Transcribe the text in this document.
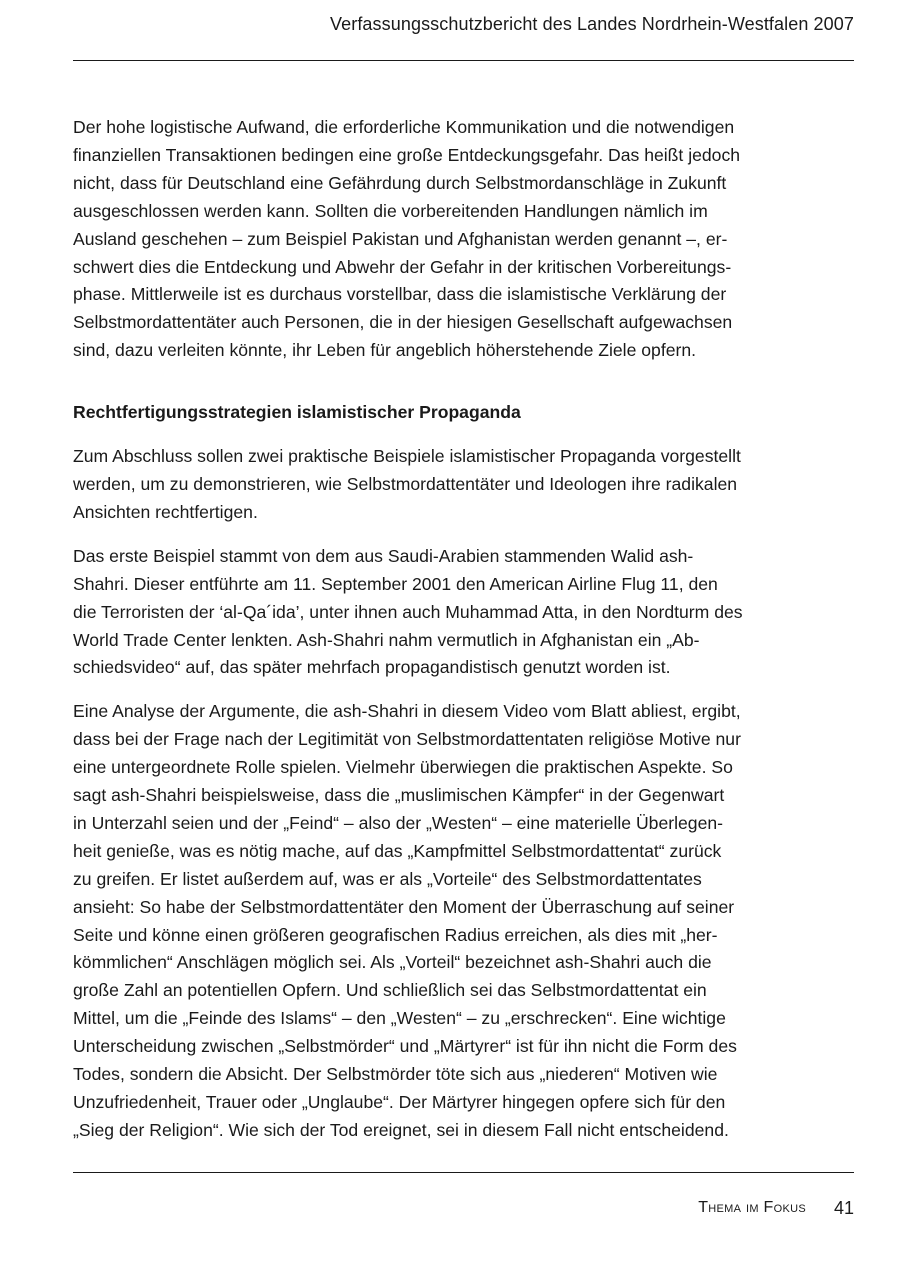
Verfassungsschutzbericht des Landes Nordrhein-Westfalen 2007

Der hohe logistische Aufwand, die erforderliche Kommunikation und die notwendigen
finanziellen Transaktionen bedingen eine große Entdeckungsgefahr. Das heißt jedoch
nicht, dass für Deutschland eine Gefährdung durch Selbstmordanschläge in Zukunft
ausgeschlossen werden kann. Sollten die vorbereitenden Handlungen nämlich im
Ausland geschehen – zum Beispiel Pakistan und Afghanistan werden genannt –, er-
schwert dies die Entdeckung und Abwehr der Gefahr in der kritischen Vorbereitungs-
phase. Mittlerweile ist es durchaus vorstellbar, dass die islamistische Verklärung der
Selbstmordattentäter auch Personen, die in der hiesigen Gesellschaft aufgewachsen
sind, dazu verleiten könnte, ihr Leben für angeblich höherstehende Ziele opfern.

Rechtfertigungsstrategien islamistischer Propaganda

Zum Abschluss sollen zwei praktische Beispiele islamistischer Propaganda vorgestellt
werden, um zu demonstrieren, wie Selbstmordattentäter und Ideologen ihre radikalen
Ansichten rechtfertigen.

Das erste Beispiel stammt von dem aus Saudi-Arabien stammenden Walid ash-
Shahri. Dieser entführte am 11. September 2001 den American Airline Flug 11, den
die Terroristen der ‘al-Qa´ida’, unter ihnen auch Muhammad Atta, in den Nordturm des
World Trade Center lenkten. Ash-Shahri nahm vermutlich in Afghanistan ein „Ab-
schiedsvideo“ auf, das später mehrfach propagandistisch genutzt worden ist.

Eine Analyse der Argumente, die ash-Shahri in diesem Video vom Blatt abliest, ergibt,
dass bei der Frage nach der Legitimität von Selbstmordattentaten religiöse Motive nur
eine untergeordnete Rolle spielen. Vielmehr überwiegen die praktischen Aspekte. So
sagt ash-Shahri beispielsweise, dass die „muslimischen Kämpfer“ in der Gegenwart
in Unterzahl seien und der „Feind“ – also der „Westen“ – eine materielle Überlegen-
heit genieße, was es nötig mache, auf das „Kampfmittel Selbstmordattentat“ zurück
zu greifen. Er listet außerdem auf, was er als „Vorteile“ des Selbstmordattentates
ansieht: So habe der Selbstmordattentäter den Moment der Überraschung auf seiner
Seite und könne einen größeren geografischen Radius erreichen, als dies mit „her-
kömmlichen“ Anschlägen möglich sei. Als „Vorteil“ bezeichnet ash-Shahri auch die
große Zahl an potentiellen Opfern. Und schließlich sei das Selbstmordattentat ein
Mittel, um die „Feinde des Islams“ – den „Westen“ – zu „erschrecken“. Eine wichtige
Unterscheidung zwischen „Selbstmörder“ und „Märtyrer“ ist für ihn nicht die Form des
Todes, sondern die Absicht. Der Selbstmörder töte sich aus „niederen“ Motiven wie
Unzufriedenheit, Trauer oder „Unglaube“. Der Märtyrer hingegen opfere sich für den
„Sieg der Religion“. Wie sich der Tod ereignet, sei in diesem Fall nicht entscheidend.

Thema im Fokus 41
